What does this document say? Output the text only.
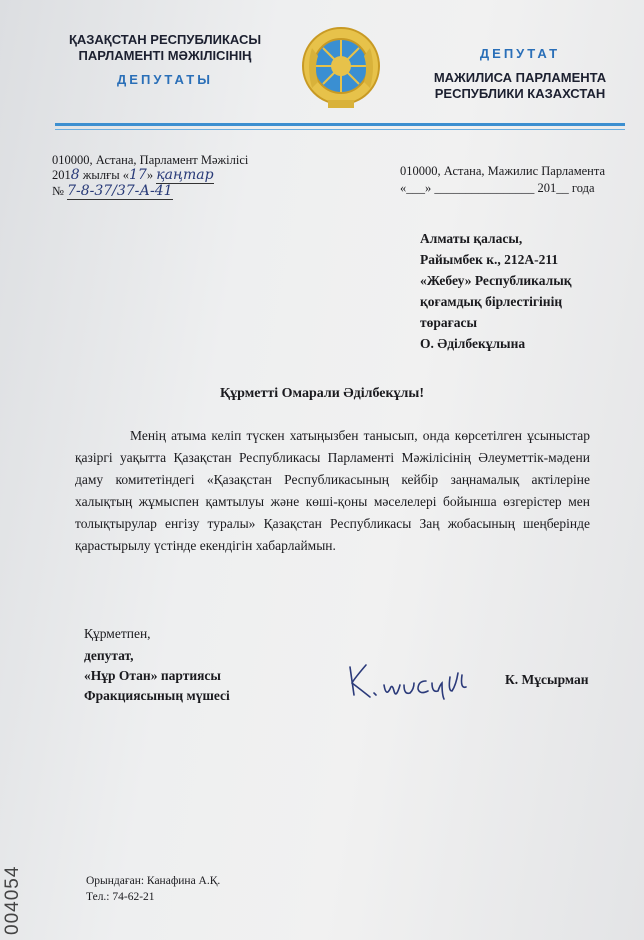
ҚАЗАҚСТАН РЕСПУБЛИКАСЫ
ПАРЛАМЕНТІ МӘЖІЛІСІНІҢ
ДЕПУТАТЫ
ДЕПУТАТ
МАЖИЛИСА ПАРЛАМЕНТА
РЕСПУБЛИКИ КАЗАХСТАН
010000, Астана, Парламент Мәжілісі
2018 жылғы «17» қаңтар
№ 7-8-37/37-А-41
010000, Астана, Мажилис Парламента
«___» ________________ 201__ года
Алматы қаласы,
Райымбек к., 212А-211
«Жебеу» Республикалық
қоғамдық бірлестігінің
төрағасы
О. Әділбекұлына
Құрметті Омарали Әділбекұлы!
Менің атыма келіп түскен хатыңызбен танысып, онда көрсетілген ұсыныстар қазіргі уақытта Қазақстан Республикасы Парламенті Мәжілісінің Әлеуметтік-мәдени даму комитетіндегі «Қазақстан Республикасының кейбір заңнамалық актілеріне халықтың жұмыспен қамтылуы және көші-қоны мәселелері бойынша өзгерістер мен толықтырулар енгізу туралы» Қазақстан Республикасы Заң жобасының шеңберінде қарастырылу үстінде екендігін хабарлаймын.
Құрметпен,
депутат,
«Нұр Отан» партиясы
Фракциясының мүшесі
К. Мұсырман
Орындаған: Канафина А.Қ.
Тел.: 74-62-21
004054
